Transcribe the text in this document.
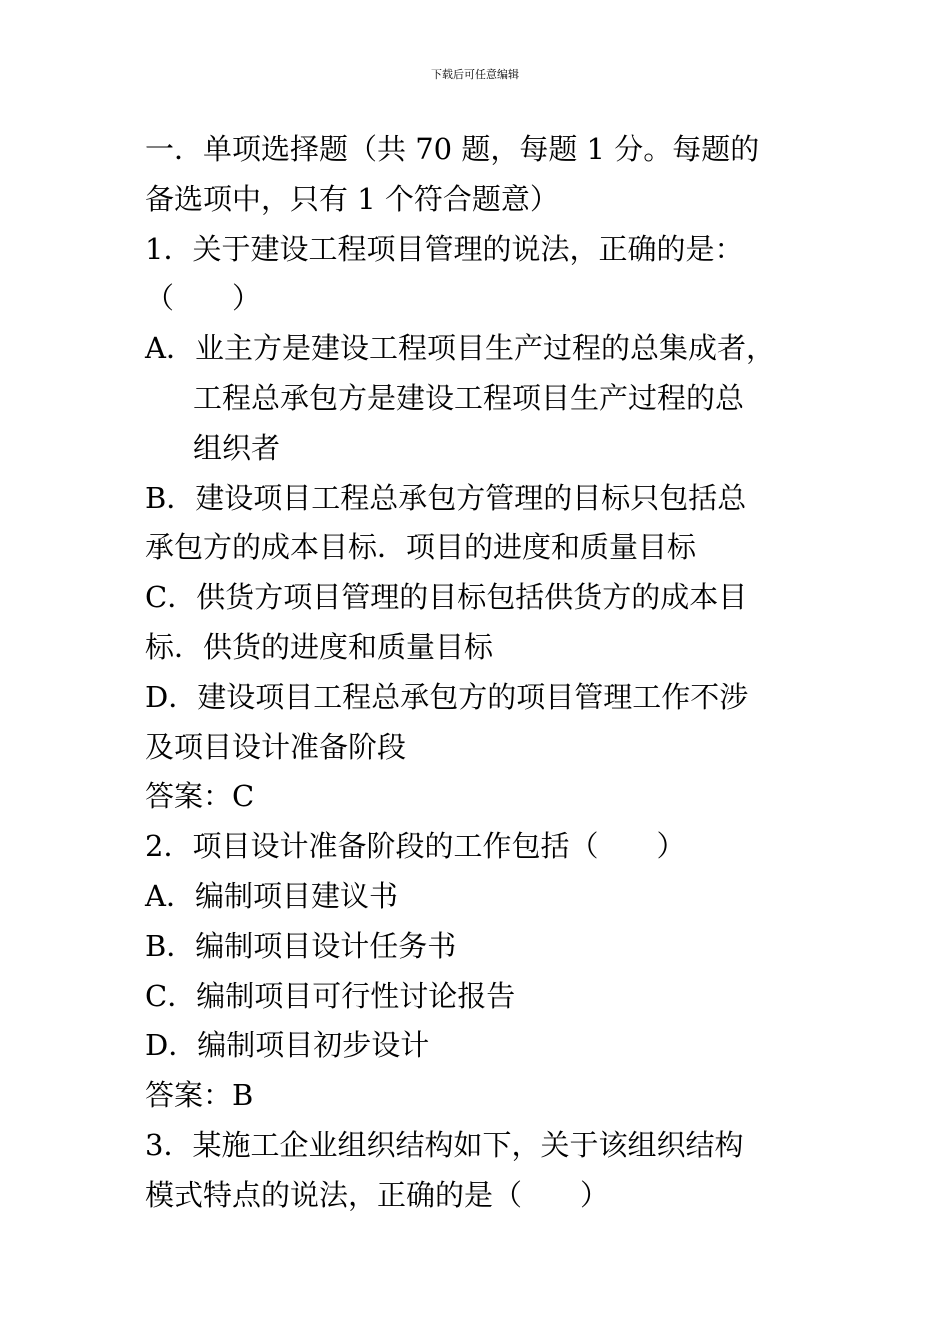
下载后可任意编辑
一．单项选择题（共 70 题，每题 1 分。每题的
备选项中，只有 1 个符合题意）
1．关于建设工程项目管理的说法，正确的是：
（　　）
A．业主方是建设工程项目生产过程的总集成者，
工程总承包方是建设工程项目生产过程的总
组织者
B．建设项目工程总承包方管理的目标只包括总
承包方的成本目标．项目的进度和质量目标
C．供货方项目管理的目标包括供货方的成本目
标．供货的进度和质量目标
D．建设项目工程总承包方的项目管理工作不涉
及项目设计准备阶段
答案：C
2．项目设计准备阶段的工作包括（　　）
A．编制项目建议书
B．编制项目设计任务书
C．编制项目可行性讨论报告
D．编制项目初步设计
答案：B
3．某施工企业组织结构如下，关于该组织结构
模式特点的说法，正确的是（　　）
